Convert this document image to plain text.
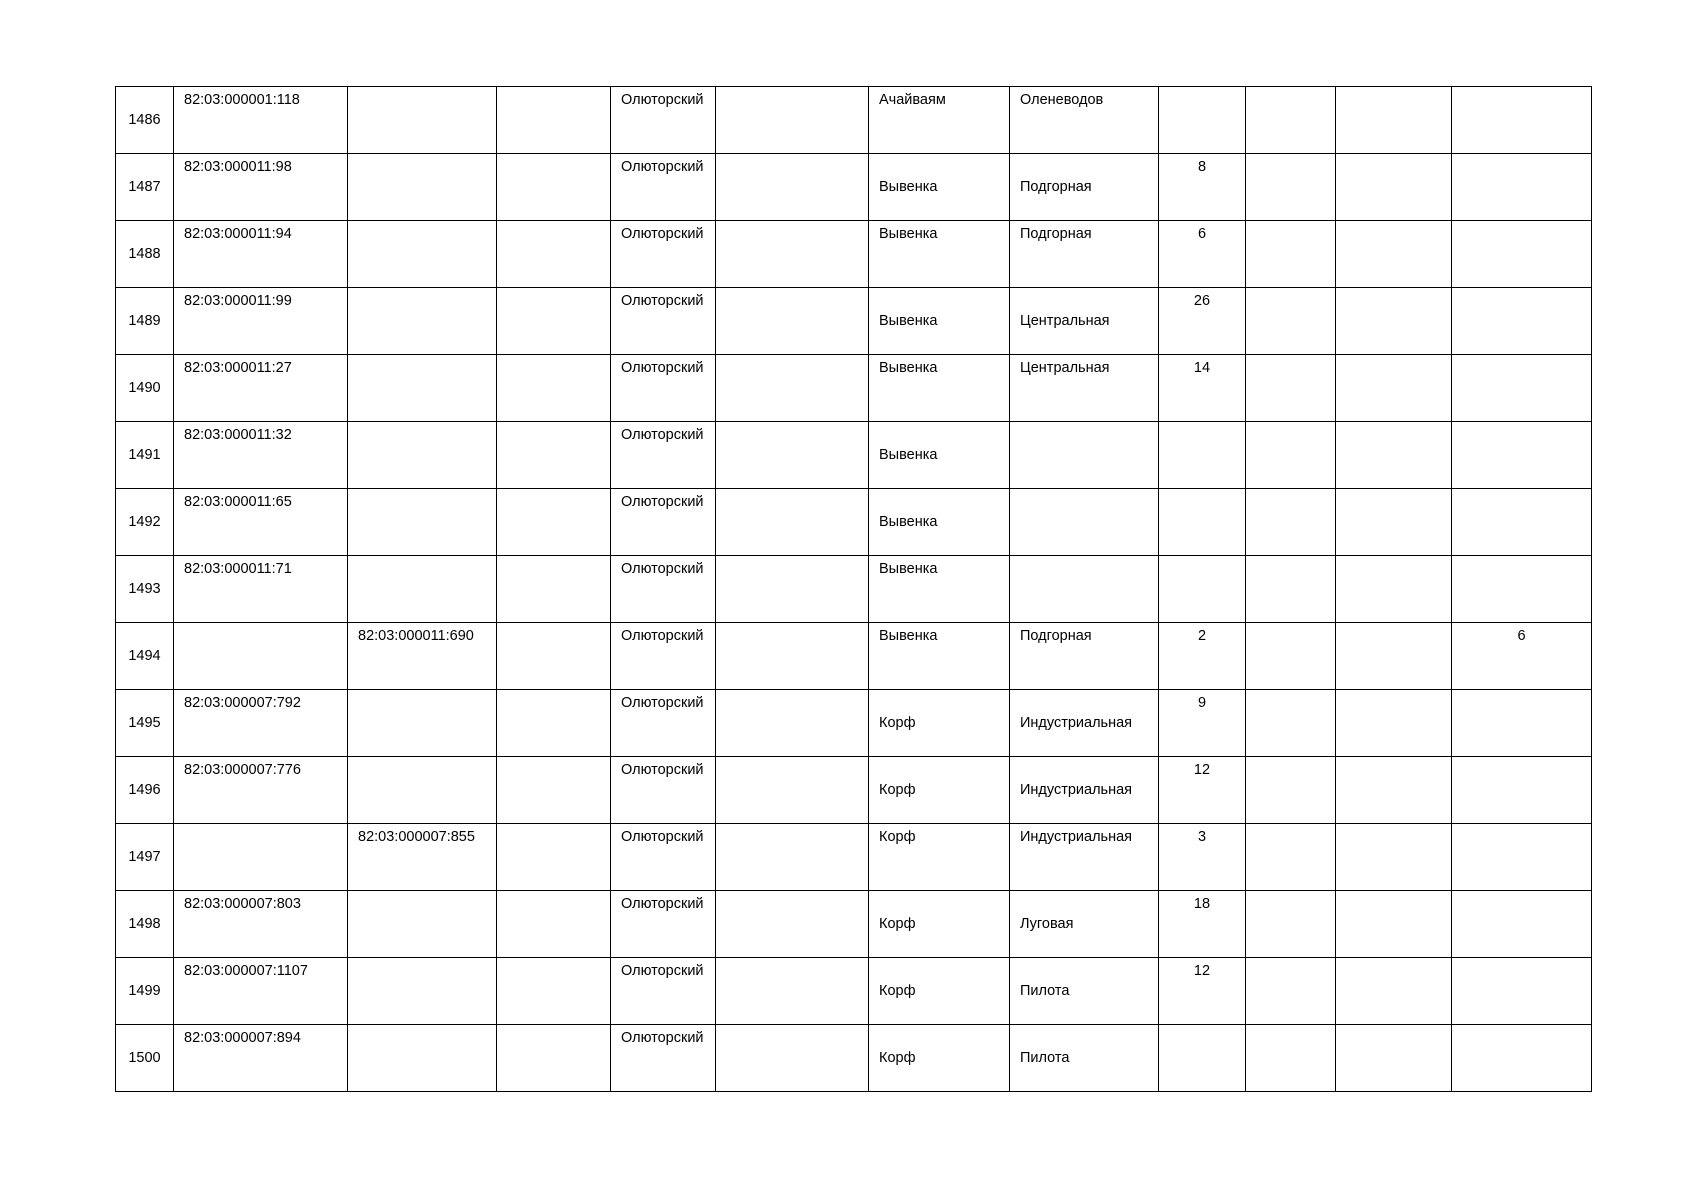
1486	82:03:000001:118			Олюторский		Ачайваям	Оленеводов				
1487	82:03:000011:98			Олюторский		Вывенка	Подгорная	8			
1488	82:03:000011:94			Олюторский		Вывенка	Подгорная	6			
1489	82:03:000011:99			Олюторский		Вывенка	Центральная	26			
1490	82:03:000011:27			Олюторский		Вывенка	Центральная	14			
1491	82:03:000011:32			Олюторский		Вывенка					
1492	82:03:000011:65			Олюторский		Вывенка					
1493	82:03:000011:71			Олюторский		Вывенка					
1494		82:03:000011:690		Олюторский		Вывенка	Подгорная	2			6
1495	82:03:000007:792			Олюторский		Корф	Индустриальная	9			
1496	82:03:000007:776			Олюторский		Корф	Индустриальная	12			
1497		82:03:000007:855		Олюторский		Корф	Индустриальная	3			
1498	82:03:000007:803			Олюторский		Корф	Луговая	18			
1499	82:03:000007:1107			Олюторский		Корф	Пилота	12			
1500	82:03:000007:894			Олюторский		Корф	Пилота				
